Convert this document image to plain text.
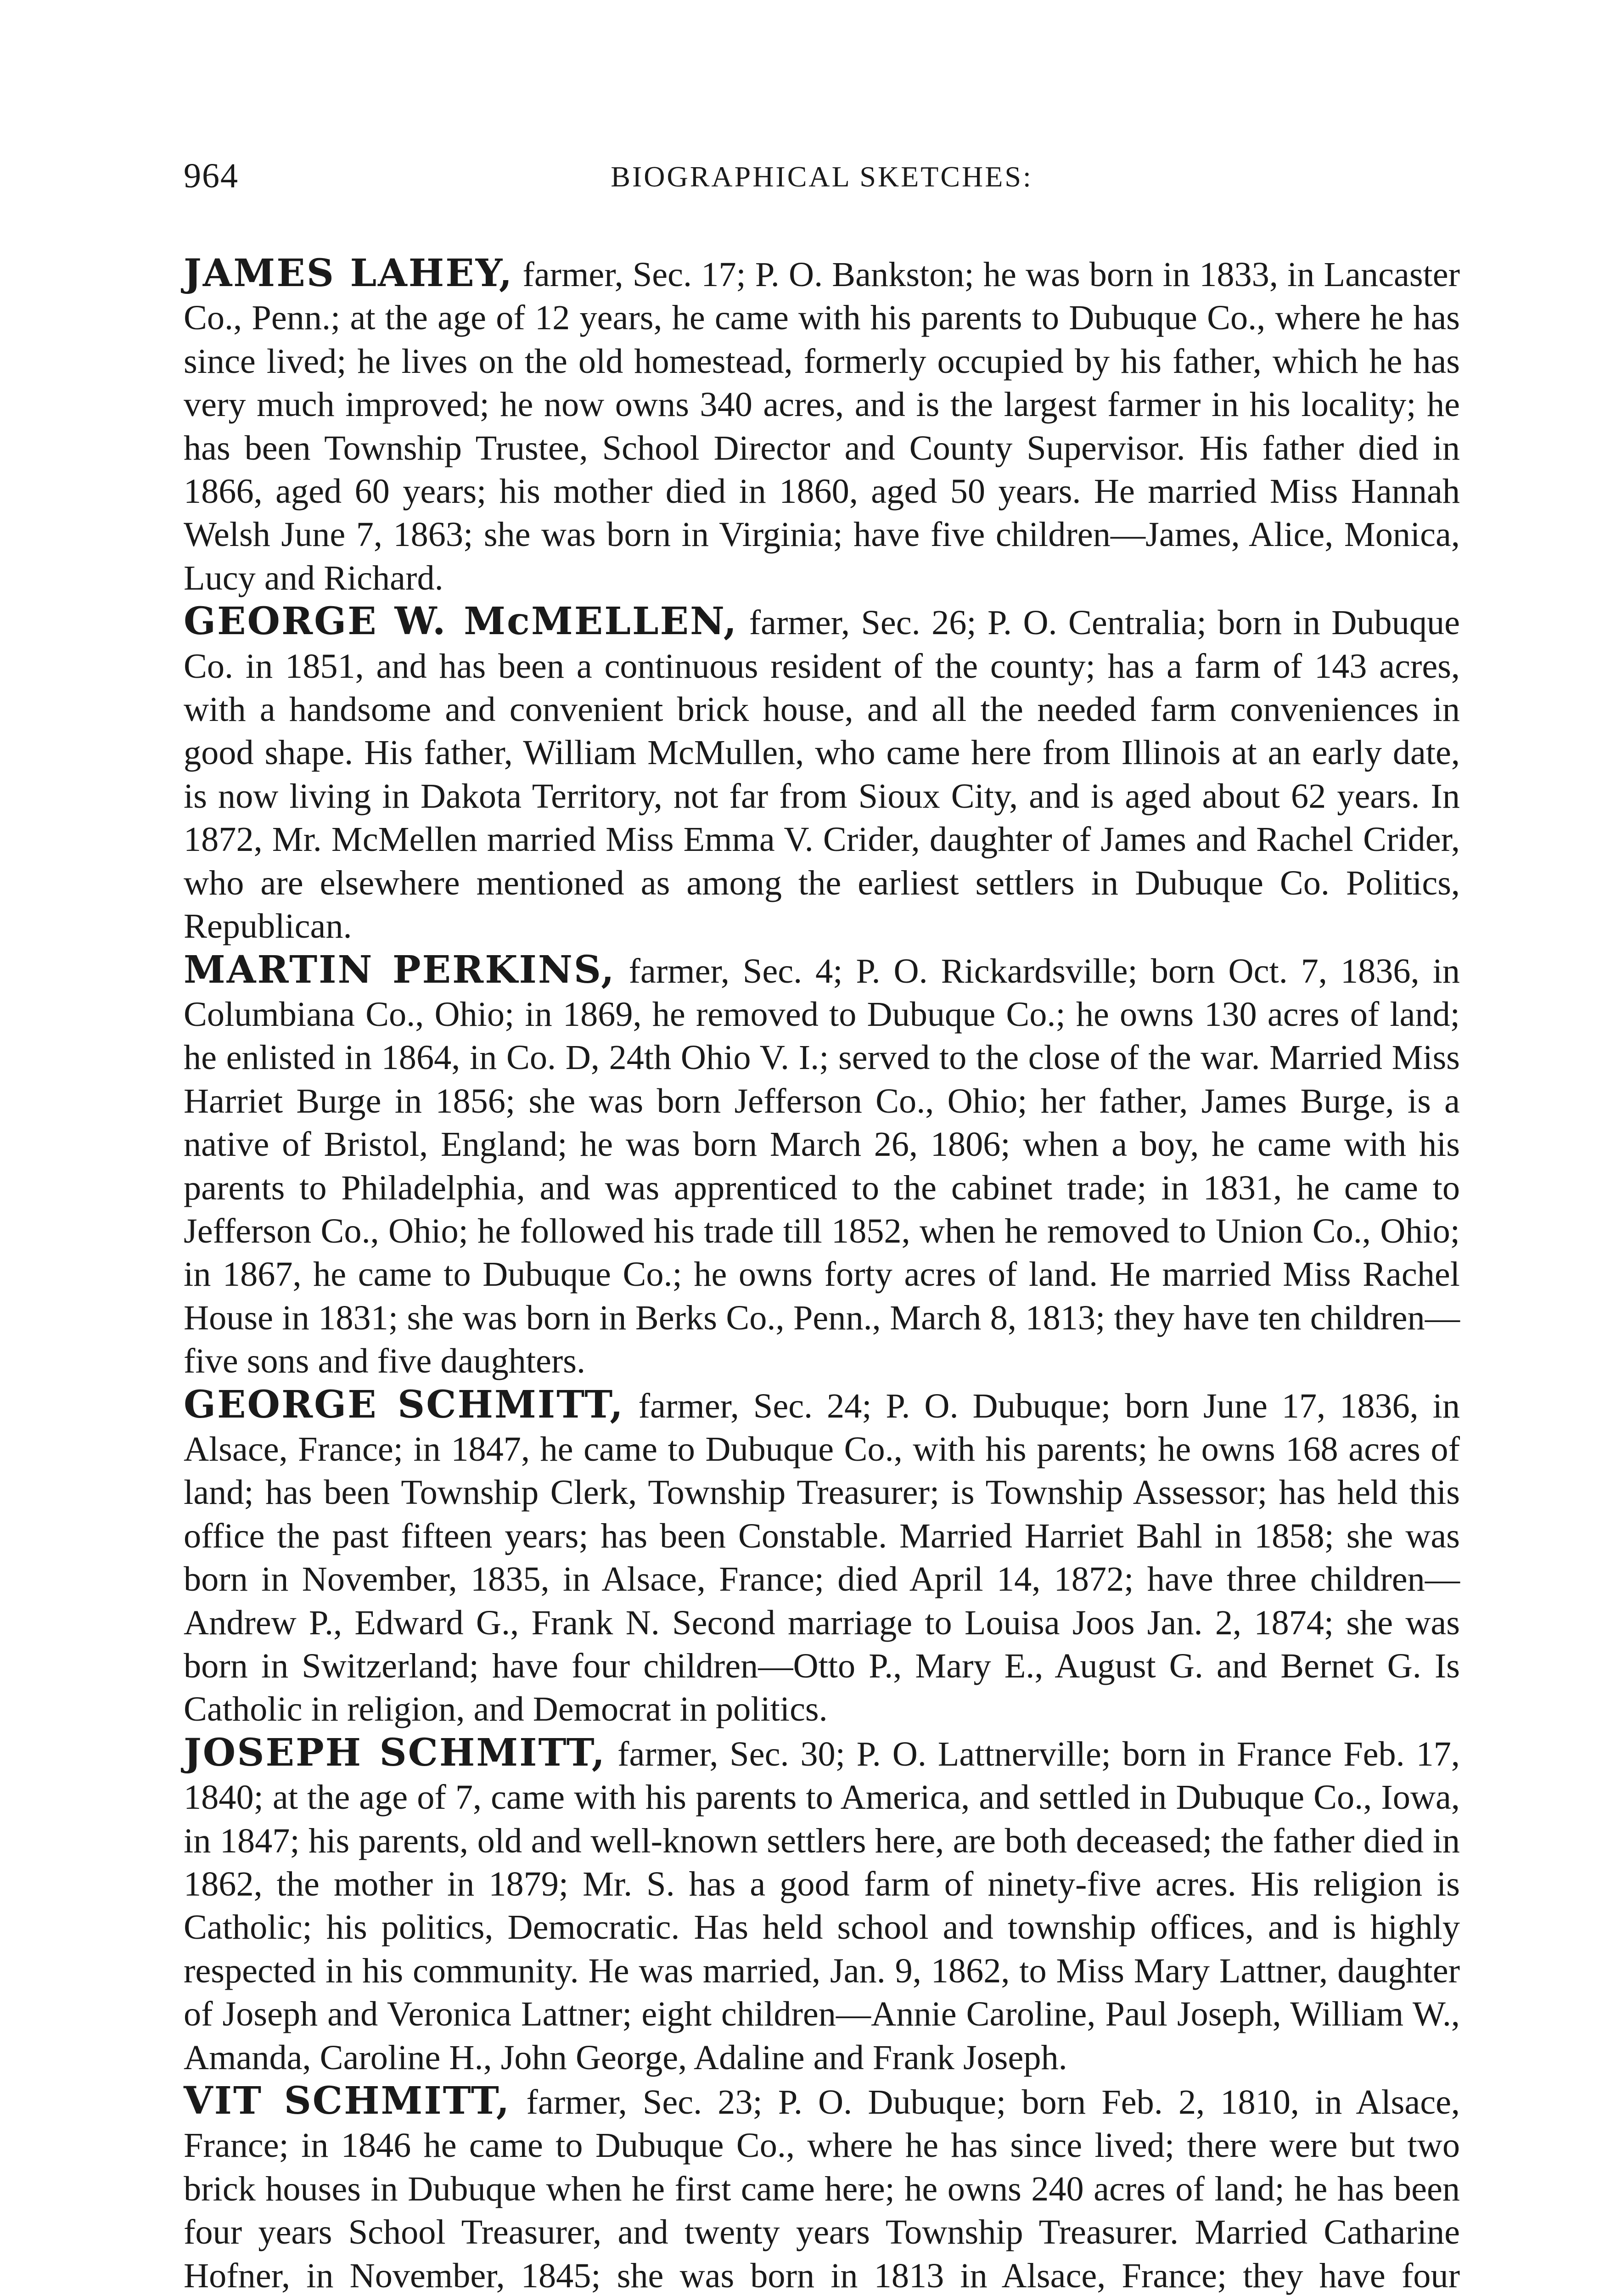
964	BIOGRAPHICAL SKETCHES:

JAMES LAHEY, farmer, Sec. 17; P. O. Bankston; he was born in 1833, in Lancaster Co., Penn.; at the age of 12 years, he came with his parents to Dubuque Co., where he has since lived; he lives on the old homestead, formerly occupied by his father, which he has very much improved; he now owns 340 acres, and is the largest farmer in his locality; he has been Township Trustee, School Director and County Supervisor. His father died in 1866, aged 60 years; his mother died in 1860, aged 50 years. He married Miss Hannah Welsh June 7, 1863; she was born in Virginia; have five children—James, Alice, Monica, Lucy and Richard.

GEORGE W. McMELLEN, farmer, Sec. 26; P. O. Centralia; born in Dubuque Co. in 1851, and has been a continuous resident of the county; has a farm of 143 acres, with a handsome and convenient brick house, and all the needed farm conveniences in good shape. His father, William McMullen, who came here from Illinois at an early date, is now living in Dakota Territory, not far from Sioux City, and is aged about 62 years. In 1872, Mr. McMellen married Miss Emma V. Crider, daughter of James and Rachel Crider, who are elsewhere mentioned as among the earliest settlers in Dubuque Co. Politics, Republican.

MARTIN PERKINS, farmer, Sec. 4; P. O. Rickardsville; born Oct. 7, 1836, in Columbiana Co., Ohio; in 1869, he removed to Dubuque Co.; he owns 130 acres of land; he enlisted in 1864, in Co. D, 24th Ohio V. I.; served to the close of the war. Married Miss Harriet Burge in 1856; she was born Jefferson Co., Ohio; her father, James Burge, is a native of Bristol, England; he was born March 26, 1806; when a boy, he came with his parents to Philadelphia, and was apprenticed to the cabinet trade; in 1831, he came to Jefferson Co., Ohio; he followed his trade till 1852, when he removed to Union Co., Ohio; in 1867, he came to Dubuque Co.; he owns forty acres of land. He married Miss Rachel House in 1831; she was born in Berks Co., Penn., March 8, 1813; they have ten children—five sons and five daughters.

GEORGE SCHMITT, farmer, Sec. 24; P. O. Dubuque; born June 17, 1836, in Alsace, France; in 1847, he came to Dubuque Co., with his parents; he owns 168 acres of land; has been Township Clerk, Township Treasurer; is Township Assessor; has held this office the past fifteen years; has been Constable. Married Harriet Bahl in 1858; she was born in November, 1835, in Alsace, France; died April 14, 1872; have three children—Andrew P., Edward G., Frank N. Second marriage to Louisa Joos Jan. 2, 1874; she was born in Switzerland; have four children—Otto P., Mary E., August G. and Bernet G. Is Catholic in religion, and Democrat in politics.

JOSEPH SCHMITT, farmer, Sec. 30; P. O. Lattnerville; born in France Feb. 17, 1840; at the age of 7, came with his parents to America, and settled in Dubuque Co., Iowa, in 1847; his parents, old and well-known settlers here, are both deceased; the father died in 1862, the mother in 1879; Mr. S. has a good farm of ninety-five acres. His religion is Catholic; his politics, Democratic. Has held school and township offices, and is highly respected in his community. He was married, Jan. 9, 1862, to Miss Mary Lattner, daughter of Joseph and Veronica Lattner; eight children—Annie Caroline, Paul Joseph, William W., Amanda, Caroline H., John George, Adaline and Frank Joseph.

VIT SCHMITT, farmer, Sec. 23; P. O. Dubuque; born Feb. 2, 1810, in Alsace, France; in 1846 he came to Dubuque Co., where he has since lived; there were but two brick houses in Dubuque when he first came here; he owns 240 acres of land; he has been four years School Treasurer, and twenty years Township Treasurer. Married Catharine Hofner, in November, 1845; she was born in 1813 in Alsace, France; they have four
